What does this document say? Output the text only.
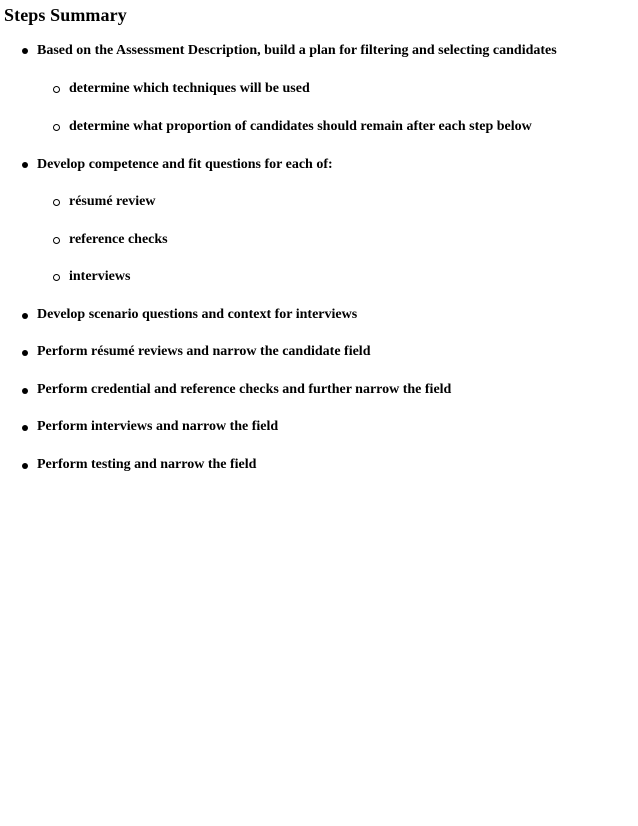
Steps Summary
Based on the Assessment Description, build a plan for filtering and selecting candidates
determine which techniques will be used
determine what proportion of candidates should remain after each step below
Develop competence and fit questions for each of:
résumé review
reference checks
interviews
Develop scenario questions and context for interviews
Perform résumé reviews and narrow the candidate field
Perform credential and reference checks and further narrow the field
Perform interviews and narrow the field
Perform testing and narrow the field
